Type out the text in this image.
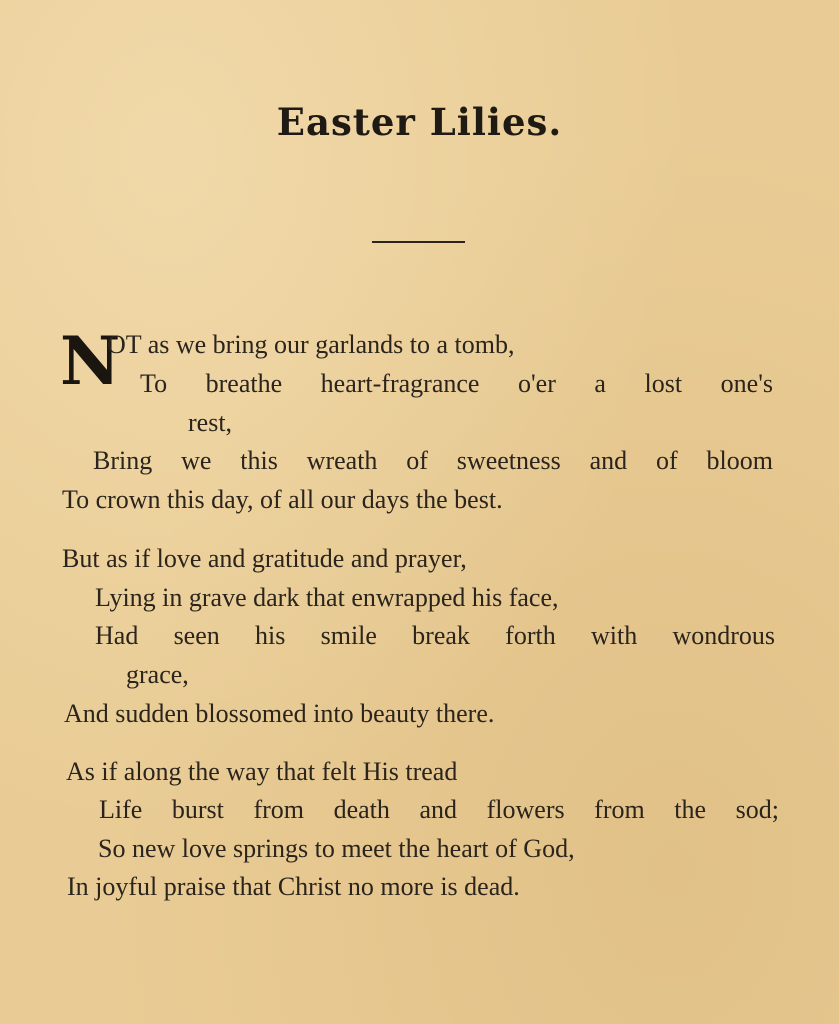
Easter Lilies.
N
OT as we bring our garlands to a tomb,
To breathe heart-fragrance o'er a lost one's
rest,
Bring we this wreath of sweetness and of bloom
To crown this day, of all our days the best.
But as if love and gratitude and prayer,
Lying in grave dark that enwrapped his face,
Had seen his smile break forth with wondrous
grace,
And sudden blossomed into beauty there.
As if along the way that felt His tread
Life burst from death and flowers from the sod;
So new love springs to meet the heart of God,
In joyful praise that Christ no more is dead.
